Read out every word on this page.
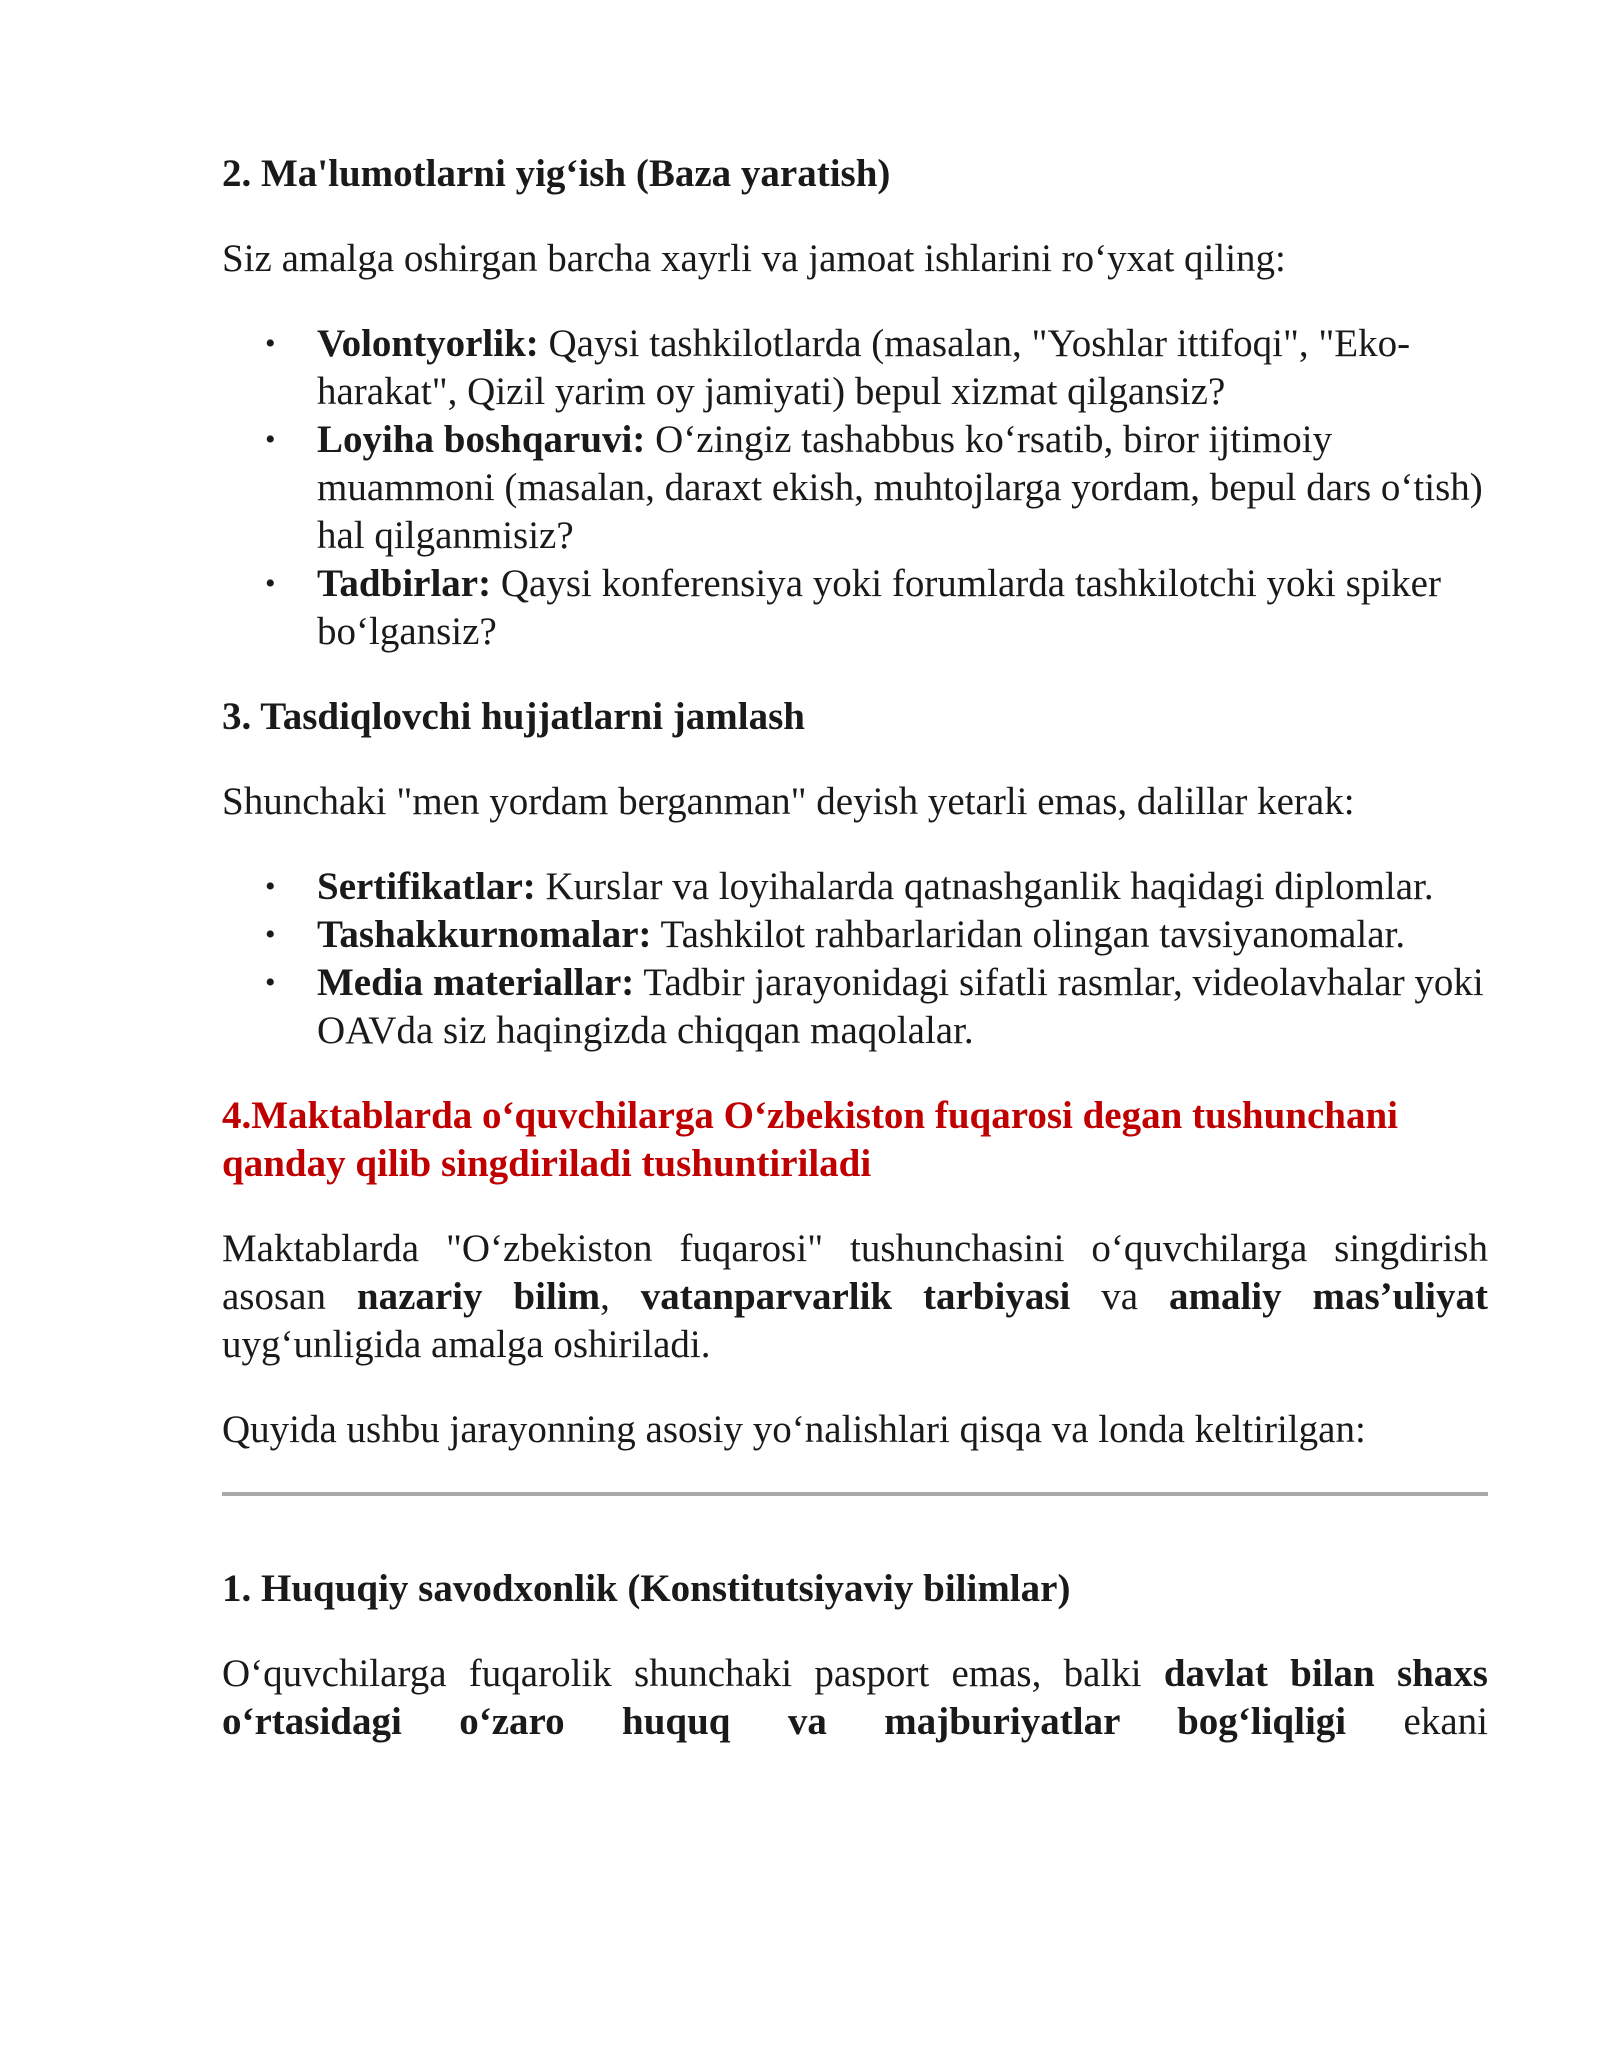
2. Ma'lumotlarni yig‘ish (Baza yaratish)

Siz amalga oshirgan barcha xayrli va jamoat ishlarini ro‘yxat qiling:

• Volontyorlik: Qaysi tashkilotlarda (masalan, "Yoshlar ittifoqi", "Eko-harakat", Qizil yarim oy jamiyati) bepul xizmat qilgansiz?
• Loyiha boshqaruvi: O‘zingiz tashabbus ko‘rsatib, biror ijtimoiy muammoni (masalan, daraxt ekish, muhtojlarga yordam, bepul dars o‘tish) hal qilganmisiz?
• Tadbirlar: Qaysi konferensiya yoki forumlarda tashkilotchi yoki spiker bo‘lgansiz?
3. Tasdiqlovchi hujjatlarni jamlash

Shunchaki "men yordam berganman" deyish yetarli emas, dalillar kerak:

• Sertifikatlar: Kurslar va loyihalarda qatnashganlik haqidagi diplomlar.
• Tashakkurnomalar: Tashkilot rahbarlaridan olingan tavsiyanomalar.
• Media materiallar: Tadbir jarayonidagi sifatli rasmlar, videolavhalar yoki OAVda siz haqingizda chiqqan maqolalar.
4.Maktablarda o‘quvchilarga O‘zbekiston fuqarosi degan tushunchani qanday qilib singdiriladi tushuntiriladi

Maktablarda "O‘zbekiston fuqarosi" tushunchasini o‘quvchilarga singdirish asosan nazariy bilim, vatanparvarlik tarbiyasi va amaliy mas’uliyat uyg‘unligida amalga oshiriladi.

Quyida ushbu jarayonning asosiy yo‘nalishlari qisqa va londa keltirilgan:

1. Huquqiy savodxonlik (Konstitutsiyaviy bilimlar)

O‘quvchilarga fuqarolik shunchaki pasport emas, balki davlat bilan shaxs o‘rtasidagi o‘zaro huquq va majburiyatlar bog‘liqligi ekani
